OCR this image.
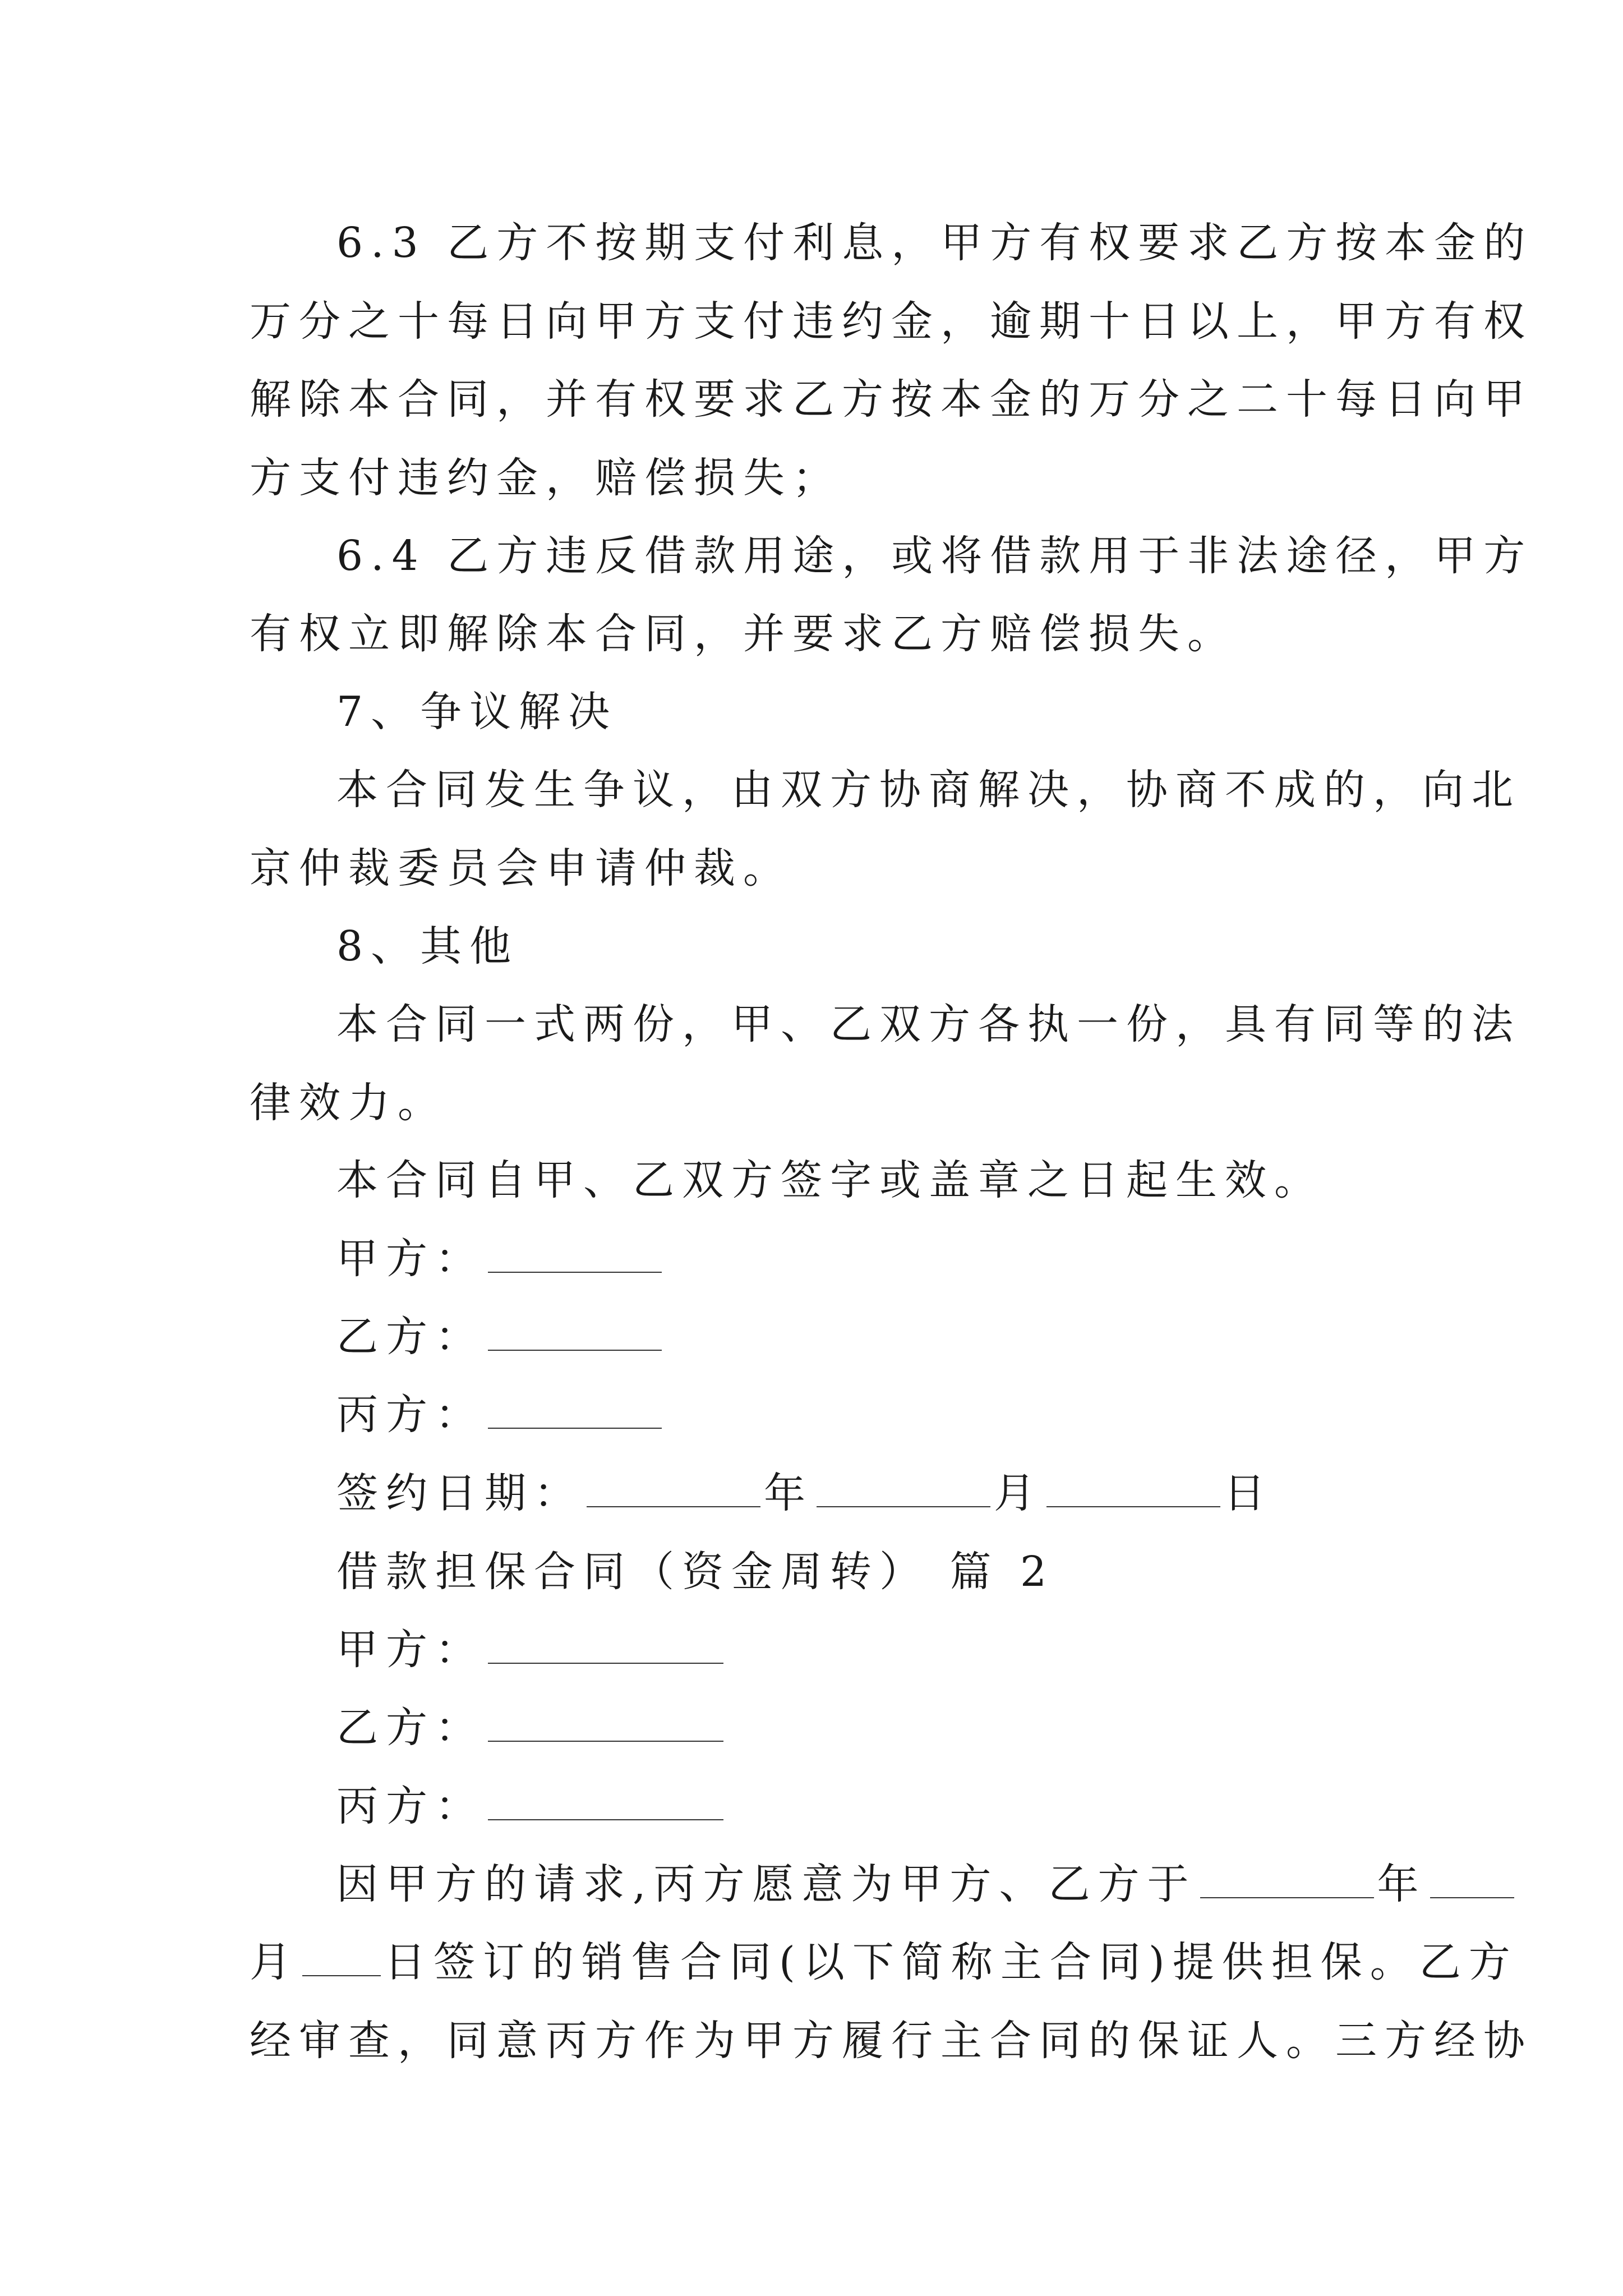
6.3 乙方不按期支付利息，甲方有权要求乙方按本金的
万分之十每日向甲方支付违约金，逾期十日以上，甲方有权
解除本合同，并有权要求乙方按本金的万分之二十每日向甲
方支付违约金，赔偿损失；
6.4 乙方违反借款用途，或将借款用于非法途径，甲方
有权立即解除本合同，并要求乙方赔偿损失。
7、争议解决
本合同发生争议，由双方协商解决，协商不成的，向北
京仲裁委员会申请仲裁。
8、其他
本合同一式两份，甲、乙双方各执一份，具有同等的法
律效力。
本合同自甲、乙双方签字或盖章之日起生效。
甲方：
乙方：
丙方：
签约日期：	年	月	日
借款担保合同（资金周转） 篇 2
甲方：
乙方：
丙方：
因甲方的请求,丙方愿意为甲方、乙方于	年
月 日签订的销售合同(以下简称主合同)提供担保。乙方
经审查，同意丙方作为甲方履行主合同的保证人。三方经协
